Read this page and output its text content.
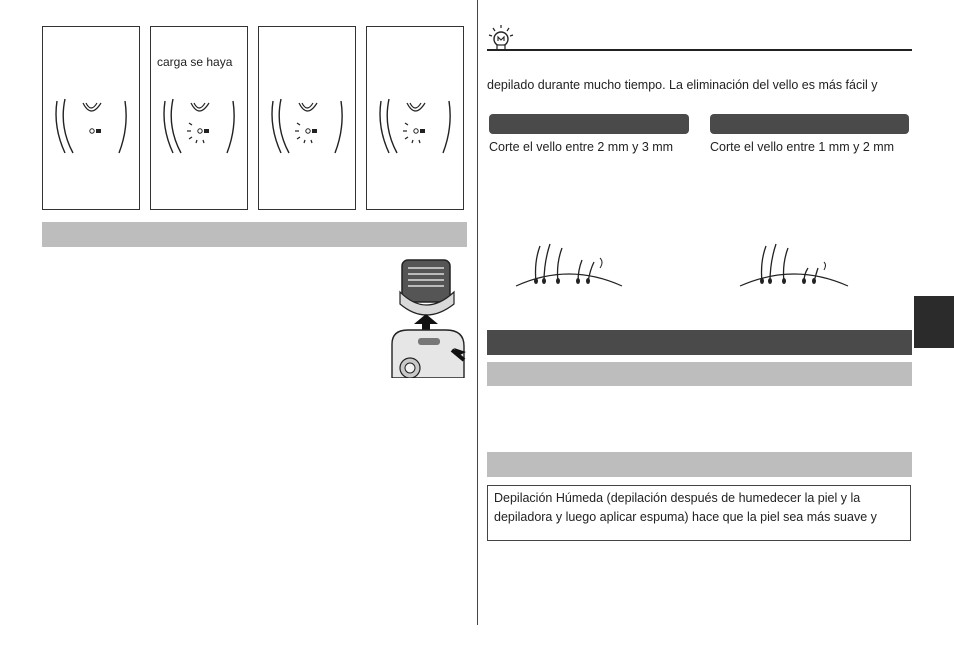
carga se haya
depilado durante mucho tiempo. La eliminación del vello es más fácil y
Corte el vello entre 2 mm y 3 mm	Corte el vello entre 1 mm y 2 mm
Depilación Húmeda (depilación después de humedecer la piel y la
depiladora y luego aplicar espuma) hace que la piel sea más suave y
